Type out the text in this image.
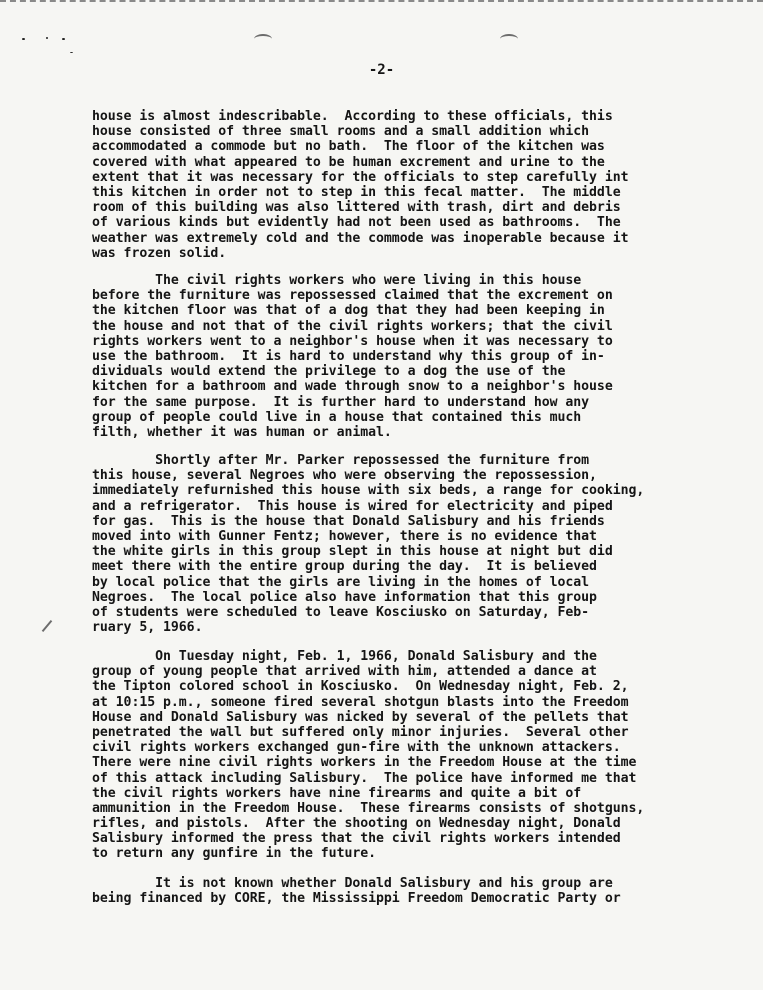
-2-
house is almost indescribable.  According to these officials, this
house consisted of three small rooms and a small addition which
accommodated a commode but no bath.  The floor of the kitchen was
covered with what appeared to be human excrement and urine to the
extent that it was necessary for the officials to step carefully int
this kitchen in order not to step in this fecal matter.  The middle
room of this building was also littered with trash, dirt and debris
of various kinds but evidently had not been used as bathrooms.  The
weather was extremely cold and the commode was inoperable because it
was frozen solid.
The civil rights workers who were living in this house
before the furniture was repossessed claimed that the excrement on
the kitchen floor was that of a dog that they had been keeping in
the house and not that of the civil rights workers; that the civil
rights workers went to a neighbor's house when it was necessary to
use the bathroom.  It is hard to understand why this group of in-
dividuals would extend the privilege to a dog the use of the
kitchen for a bathroom and wade through snow to a neighbor's house
for the same purpose.  It is further hard to understand how any
group of people could live in a house that contained this much
filth, whether it was human or animal.
Shortly after Mr. Parker repossessed the furniture from
this house, several Negroes who were observing the repossession,
immediately refurnished this house with six beds, a range for cooking,
and a refrigerator.  This house is wired for electricity and piped
for gas.  This is the house that Donald Salisbury and his friends
moved into with Gunner Fentz; however, there is no evidence that
the white girls in this group slept in this house at night but did
meet there with the entire group during the day.  It is believed
by local police that the girls are living in the homes of local
Negroes.  The local police also have information that this group
of students were scheduled to leave Kosciusko on Saturday, Feb-
ruary 5, 1966.
On Tuesday night, Feb. 1, 1966, Donald Salisbury and the
group of young people that arrived with him, attended a dance at
the Tipton colored school in Kosciusko.  On Wednesday night, Feb. 2,
at 10:15 p.m., someone fired several shotgun blasts into the Freedom
House and Donald Salisbury was nicked by several of the pellets that
penetrated the wall but suffered only minor injuries.  Several other
civil rights workers exchanged gun-fire with the unknown attackers.
There were nine civil rights workers in the Freedom House at the time
of this attack including Salisbury.  The police have informed me that
the civil rights workers have nine firearms and quite a bit of
ammunition in the Freedom House.  These firearms consists of shotguns,
rifles, and pistols.  After the shooting on Wednesday night, Donald
Salisbury informed the press that the civil rights workers intended
to return any gunfire in the future.
It is not known whether Donald Salisbury and his group are
being financed by CORE, the Mississippi Freedom Democratic Party or
